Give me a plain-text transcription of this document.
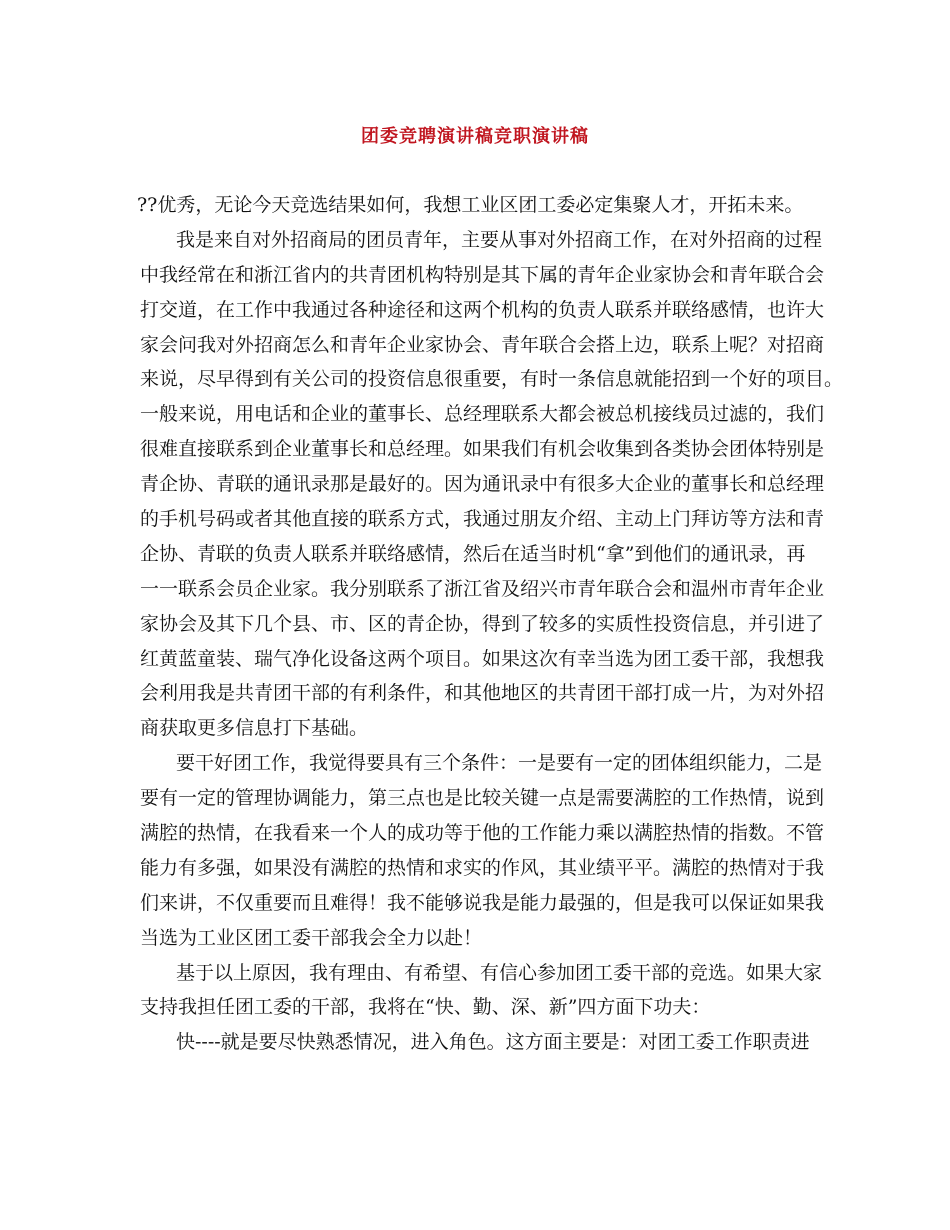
团委竞聘演讲稿竞职演讲稿
??优秀，无论今天竞选结果如何，我想工业区团工委必定集聚人才，开拓未来。
我是来自对外招商局的团员青年，主要从事对外招商工作，在对外招商的过程
中我经常在和浙江省内的共青团机构特别是其下属的青年企业家协会和青年联合会
打交道，在工作中我通过各种途径和这两个机构的负责人联系并联络感情，也许大
家会问我对外招商怎么和青年企业家协会、青年联合会搭上边，联系上呢？对招商
来说，尽早得到有关公司的投资信息很重要，有时一条信息就能招到一个好的项目。
一般来说，用电话和企业的董事长、总经理联系大都会被总机接线员过滤的，我们
很难直接联系到企业董事长和总经理。如果我们有机会收集到各类协会团体特别是
青企协、青联的通讯录那是最好的。因为通讯录中有很多大企业的董事长和总经理
的手机号码或者其他直接的联系方式，我通过朋友介绍、主动上门拜访等方法和青
企协、青联的负责人联系并联络感情，然后在适当时机“拿”到他们的通讯录，再
一一联系会员企业家。我分别联系了浙江省及绍兴市青年联合会和温州市青年企业
家协会及其下几个县、市、区的青企协，得到了较多的实质性投资信息，并引进了
红黄蓝童装、瑞气净化设备这两个项目。如果这次有幸当选为团工委干部，我想我
会利用我是共青团干部的有利条件，和其他地区的共青团干部打成一片，为对外招
商获取更多信息打下基础。
要干好团工作，我觉得要具有三个条件：一是要有一定的团体组织能力，二是
要有一定的管理协调能力，第三点也是比较关键一点是需要满腔的工作热情，说到
满腔的热情，在我看来一个人的成功等于他的工作能力乘以满腔热情的指数。不管
能力有多强，如果没有满腔的热情和求实的作风，其业绩平平。满腔的热情对于我
们来讲，不仅重要而且难得！我不能够说我是能力最强的，但是我可以保证如果我
当选为工业区团工委干部我会全力以赴！
基于以上原因，我有理由、有希望、有信心参加团工委干部的竞选。如果大家
支持我担任团工委的干部，我将在“快、勤、深、新”四方面下功夫：
快----就是要尽快熟悉情况，进入角色。这方面主要是：对团工委工作职责进
